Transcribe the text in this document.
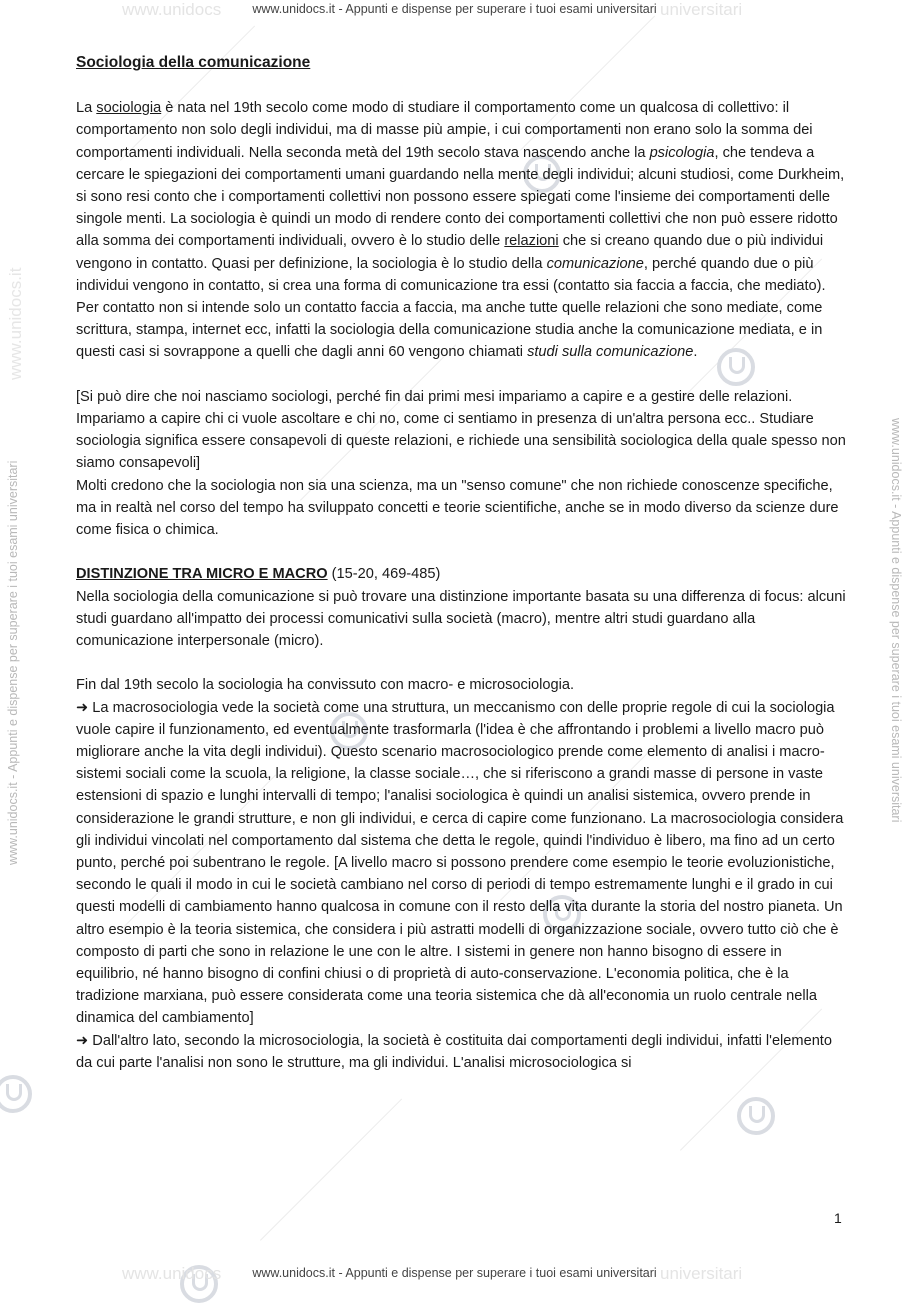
www.unidocs	universitari
www.unidocs.it - Appunti e dispense per superare i tuoi esami universitari
www.unidocs.it
www.unidocs.it - Appunti e dispense per superare i tuoi esami universitari	www.unidocs.it - Appunti e dispense per superare i tuoi esami universitari

Sociologia della comunicazione

La sociologia è nata nel 19th secolo come modo di studiare il comportamento come un qualcosa di collettivo: il comportamento non solo degli individui, ma di masse più ampie, i cui comportamenti non erano solo la somma dei comportamenti individuali. Nella seconda metà del 19th secolo stava nascendo anche la psicologia, che tendeva a cercare le spiegazioni dei comportamenti umani guardando nella mente degli individui; alcuni studiosi, come Durkheim, si sono resi conto che i comportamenti collettivi non possono essere spiegati come l'insieme dei comportamenti delle singole menti. La sociologia è quindi un modo di rendere conto dei comportamenti collettivi che non può essere ridotto alla somma dei comportamenti individuali, ovvero è lo studio delle relazioni che si creano quando due o più individui vengono in contatto. Quasi per definizione, la sociologia è lo studio della comunicazione, perché quando due o più individui vengono in contatto, si crea una forma di comunicazione tra essi (contatto sia faccia a faccia, che mediato).

Per contatto non si intende solo un contatto faccia a faccia, ma anche tutte quelle relazioni che sono mediate, come scrittura, stampa, internet ecc, infatti la sociologia della comunicazione studia anche la comunicazione mediata, e in questi casi si sovrappone a quelli che dagli anni 60 vengono chiamati studi sulla comunicazione.

[Si può dire che noi nasciamo sociologi, perché fin dai primi mesi impariamo a capire e a gestire delle relazioni. Impariamo a capire chi ci vuole ascoltare e chi no, come ci sentiamo in presenza di un'altra persona ecc.. Studiare sociologia significa essere consapevoli di queste relazioni, e richiede una sensibilità sociologica della quale spesso non siamo consapevoli]

Molti credono che la sociologia non sia una scienza, ma un "senso comune" che non richiede conoscenze specifiche, ma in realtà nel corso del tempo ha sviluppato concetti e teorie scientifiche, anche se in modo diverso da scienze dure come fisica o chimica.

DISTINZIONE TRA MICRO E MACRO (15-20, 469-485)

Nella sociologia della comunicazione si può trovare una distinzione importante basata su una differenza di focus: alcuni studi guardano all'impatto dei processi comunicativi sulla società (macro), mentre altri studi guardano alla comunicazione interpersonale (micro).

Fin dal 19th secolo la sociologia ha convissuto con macro- e microsociologia.

➜ La macrosociologia vede la società come una struttura, un meccanismo con delle proprie regole di cui la sociologia vuole capire il funzionamento, ed eventualmente trasformarla (l'idea è che affrontando i problemi a livello macro può migliorare anche la vita degli individui). Questo scenario macrosociologico prende come elemento di analisi i macro-sistemi sociali come la scuola, la religione, la classe sociale…, che si riferiscono a grandi masse di persone in vaste estensioni di spazio e lunghi intervalli di tempo; l'analisi sociologica è quindi un analisi sistemica, ovvero prende in considerazione le grandi strutture, e non gli individui, e cerca di capire come funzionano. La macrosociologia considera gli individui vincolati nel comportamento dal sistema che detta le regole, quindi l'individuo è libero, ma fino ad un certo punto, perché poi subentrano le regole. [A livello macro si possono prendere come esempio le teorie evoluzionistiche, secondo le quali il modo in cui le società cambiano nel corso di periodi di tempo estremamente lunghi e il grado in cui questi modelli di cambiamento hanno qualcosa in comune con il resto della vita durante la storia del nostro pianeta. Un altro esempio è la teoria sistemica, che considera i più astratti modelli di organizzazione sociale, ovvero tutto ciò che è composto di parti che sono in relazione le une con le altre. I sistemi in genere non hanno bisogno di essere in equilibrio, né hanno bisogno di confini chiusi o di proprietà di auto-conservazione. L'economia politica, che è la tradizione marxiana, può essere considerata come una teoria sistemica che dà all'economia un ruolo centrale nella dinamica del cambiamento]

➜ Dall'altro lato, secondo la microsociologia, la società è costituita dai comportamenti degli individui, infatti l'elemento da cui parte l'analisi non sono le strutture, ma gli individui. L'analisi microsociologica si

1
www.unidocs	universitari
www.unidocs.it - Appunti e dispense per superare i tuoi esami universitari
